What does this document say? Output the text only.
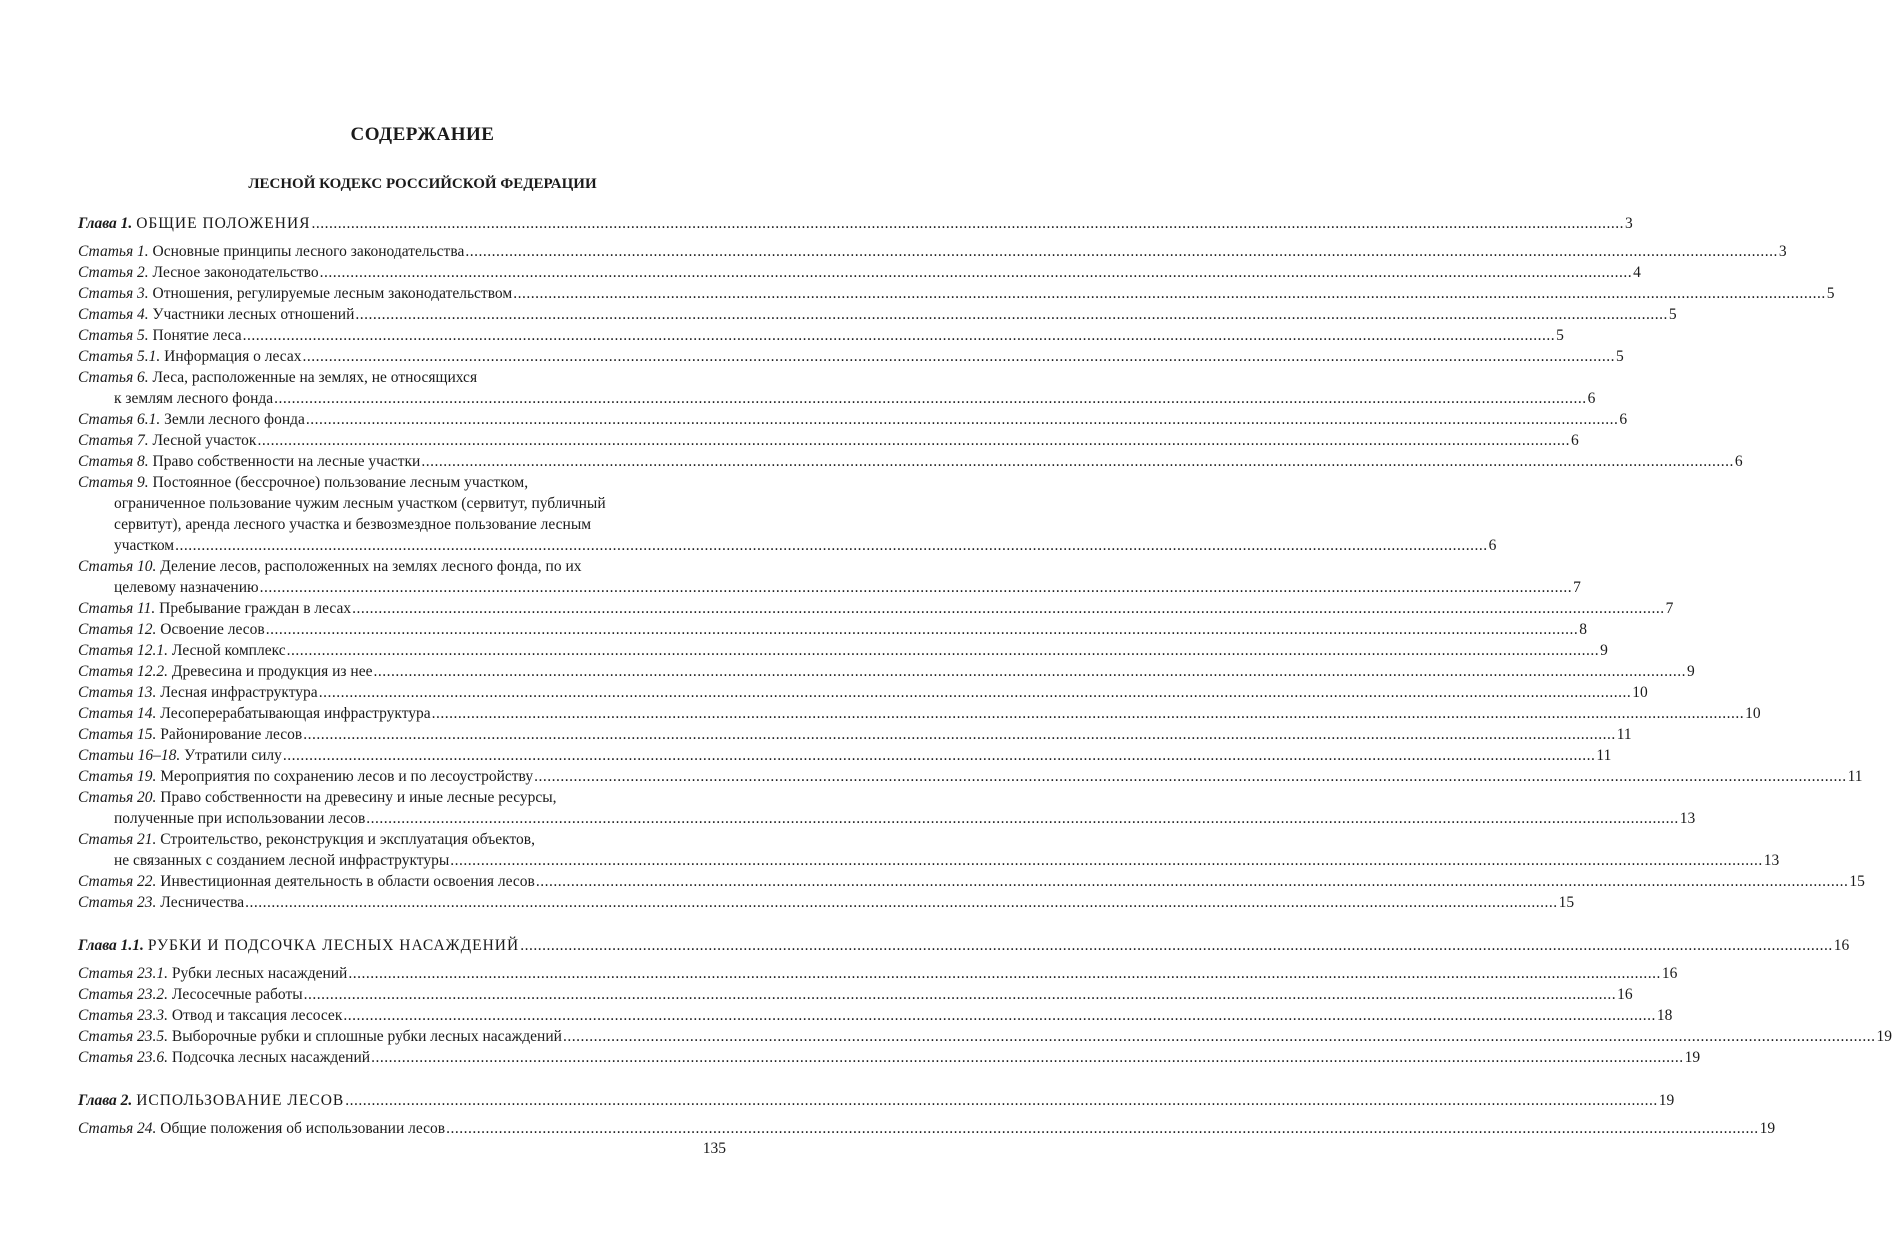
СОДЕРЖАНИЕ
ЛЕСНОЙ КОДЕКС РОССИЙСКОЙ ФЕДЕРАЦИИ
Глава 1. ОБЩИЕ ПОЛОЖЕНИЯ ............................................................................................................................................................................................................................................................................................................ 3
Статья 1. Основные принципы лесного законодательства ............................................................................................................................................................................................................................................................................................................ 3
Статья 2. Лесное законодательство ............................................................................................................................................................................................................................................................................................................ 4
Статья 3. Отношения, регулируемые лесным законодательством ............................................................................................................................................................................................................................................................................................................ 5
Статья 4. Участники лесных отношений ............................................................................................................................................................................................................................................................................................................ 5
Статья 5. Понятие леса ............................................................................................................................................................................................................................................................................................................ 5
Статья 5.1. Информация о лесах ............................................................................................................................................................................................................................................................................................................ 5
Статья 6. Леса, расположенные на землях, не относящихся
к землям лесного фонда ............................................................................................................................................................................................................................................................................................................ 6
Статья 6.1. Земли лесного фонда ............................................................................................................................................................................................................................................................................................................ 6
Статья 7. Лесной участок ............................................................................................................................................................................................................................................................................................................ 6
Статья 8. Право собственности на лесные участки ............................................................................................................................................................................................................................................................................................................ 6
Статья 9. Постоянное (бессрочное) пользование лесным участком,
ограниченное пользование чужим лесным участком (сервитут, публичный
сервитут), аренда лесного участка и безвозмездное пользование лесным
участком ............................................................................................................................................................................................................................................................................................................ 6
Статья 10. Деление лесов, расположенных на землях лесного фонда, по их
целевому назначению ............................................................................................................................................................................................................................................................................................................ 7
Статья 11. Пребывание граждан в лесах ............................................................................................................................................................................................................................................................................................................ 7
Статья 12. Освоение лесов ............................................................................................................................................................................................................................................................................................................ 8
Статья 12.1. Лесной комплекс ............................................................................................................................................................................................................................................................................................................ 9
Статья 12.2. Древесина и продукция из нее ............................................................................................................................................................................................................................................................................................................ 9
Статья 13. Лесная инфраструктура ............................................................................................................................................................................................................................................................................................................ 10
Статья 14. Лесоперерабатывающая инфраструктура ............................................................................................................................................................................................................................................................................................................ 10
Статья 15. Районирование лесов ............................................................................................................................................................................................................................................................................................................ 11
Статьи 16–18. Утратили силу ............................................................................................................................................................................................................................................................................................................ 11
Статья 19. Мероприятия по сохранению лесов и по лесоустройству ............................................................................................................................................................................................................................................................................................................ 11
Статья 20. Право собственности на древесину и иные лесные ресурсы,
полученные при использовании лесов ............................................................................................................................................................................................................................................................................................................ 13
Статья 21. Строительство, реконструкция и эксплуатация объектов,
не связанных с созданием лесной инфраструктуры ............................................................................................................................................................................................................................................................................................................ 13
Статья 22. Инвестиционная деятельность в области освоения лесов ............................................................................................................................................................................................................................................................................................................ 15
Статья 23. Лесничества ............................................................................................................................................................................................................................................................................................................ 15
Глава 1.1. РУБКИ И ПОДСОЧКА ЛЕСНЫХ НАСАЖДЕНИЙ ............................................................................................................................................................................................................................................................................................................ 16
Статья 23.1. Рубки лесных насаждений ............................................................................................................................................................................................................................................................................................................ 16
Статья 23.2. Лесосечные работы ............................................................................................................................................................................................................................................................................................................ 16
Статья 23.3. Отвод и таксация лесосек ............................................................................................................................................................................................................................................................................................................ 18
Статья 23.5. Выборочные рубки и сплошные рубки лесных насаждений ............................................................................................................................................................................................................................................................................................................ 19
Статья 23.6. Подсочка лесных насаждений ............................................................................................................................................................................................................................................................................................................ 19
Глава 2. ИСПОЛЬЗОВАНИЕ ЛЕСОВ ............................................................................................................................................................................................................................................................................................................ 19
Статья 24. Общие положения об использовании лесов ............................................................................................................................................................................................................................................................................................................ 19
135
